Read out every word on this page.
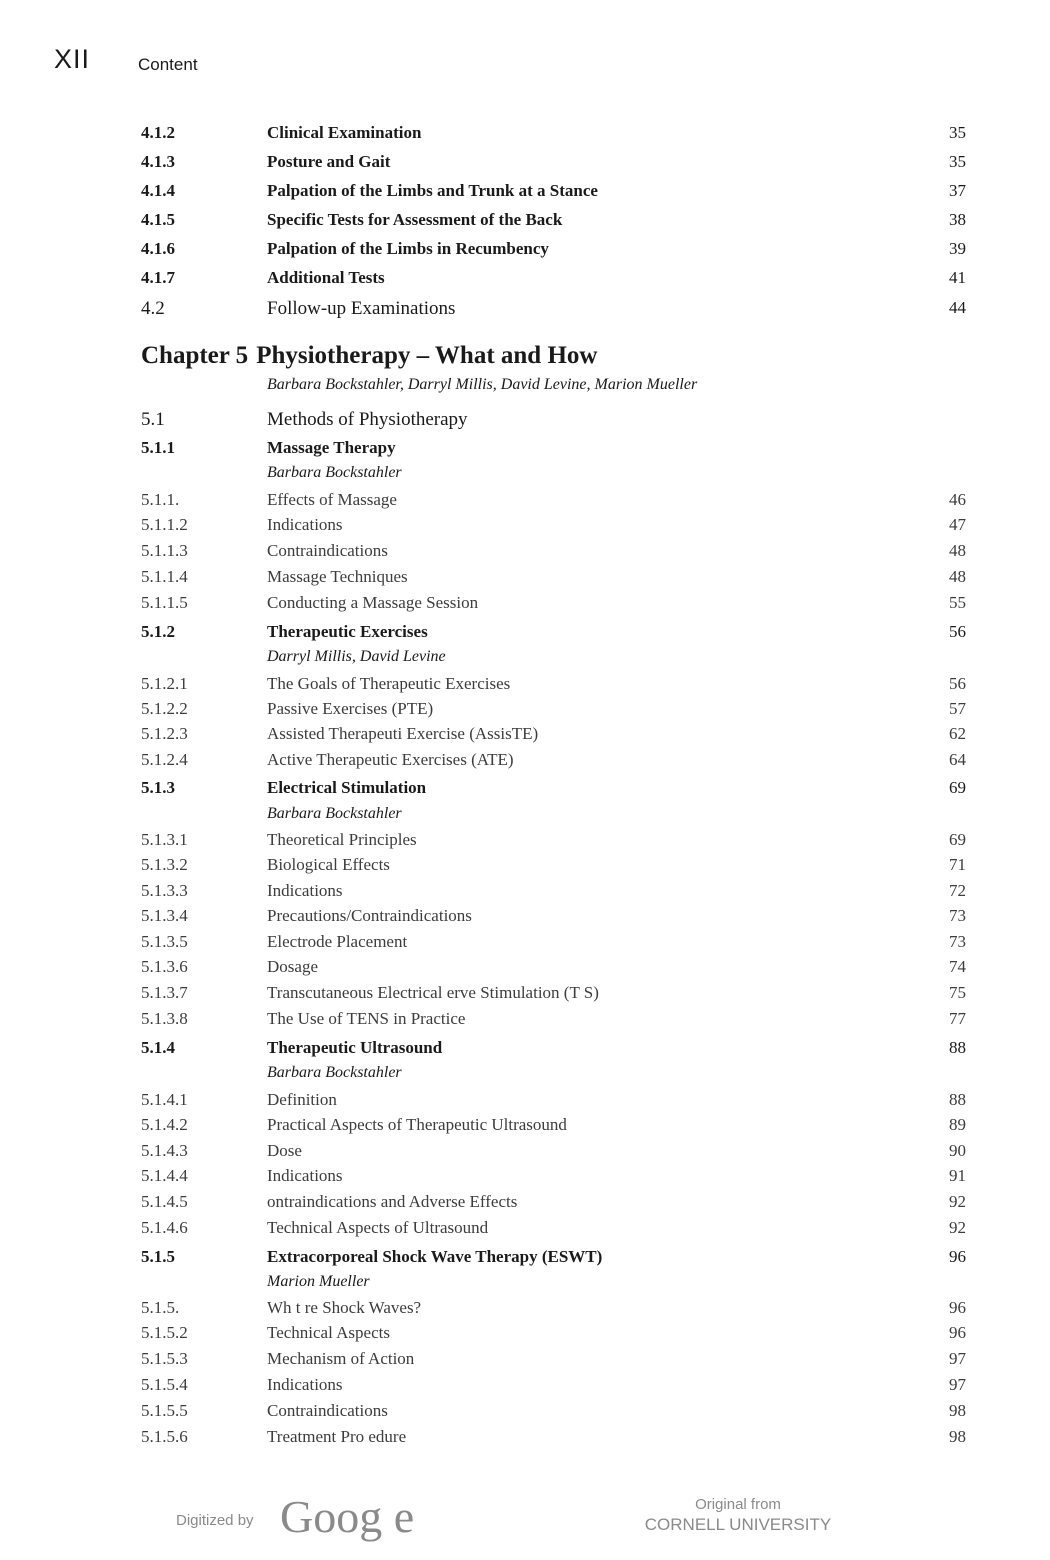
XII	Content
4.1.2	Clinical Examination	35
4.1.3	Posture and Gait	35
4.1.4	Palpation of the Limbs and Trunk at a Stance	37
4.1.5	Specific Tests for Assessment of the Back	38
4.1.6	Palpation of the Limbs in Recumbency	39
4.1.7	Additional Tests	41
4.2	Follow-up Examinations	44
Chapter 5 Physiotherapy – What and How
Barbara Bockstahler, Darryl Millis, David Levine, Marion Mueller
5.1	Methods of Physiotherapy
5.1.1	Massage Therapy
Barbara Bockstahler
5.1.1.	Effects of Massage	46
5.1.1.2	Indications	47
5.1.1.3	Contraindications	48
5.1.1.4	Massage Techniques	48
5.1.1.5	Conducting a Massage Session	55
5.1.2	Therapeutic Exercises	56
Darryl Millis, David Levine
5.1.2.1	The Goals of Therapeutic Exercises	56
5.1.2.2	Passive Exercises (PTE)	57
5.1.2.3	Assisted Therapeuti Exercise (AssisTE)	62
5.1.2.4	Active Therapeutic Exercises (ATE)	64
5.1.3	Electrical Stimulation	69
Barbara Bockstahler
5.1.3.1	Theoretical Principles	69
5.1.3.2	Biological Effects	71
5.1.3.3	Indications	72
5.1.3.4	Precautions/Contraindications	73
5.1.3.5	Electrode Placement	73
5.1.3.6	Dosage	74
5.1.3.7	Transcutaneous Electrical erve Stimulation (T S)	75
5.1.3.8	The Use of TENS in Practice	77
5.1.4	Therapeutic Ultrasound	88
Barbara Bockstahler
5.1.4.1	Definition	88
5.1.4.2	Practical Aspects of Therapeutic Ultrasound	89
5.1.4.3	Dose	90
5.1.4.4	Indications	91
5.1.4.5	ontraindications and Adverse Effects	92
5.1.4.6	Technical Aspects of Ultrasound	92
5.1.5	Extracorporeal Shock Wave Therapy (ESWT)	96
Marion Mueller
5.1.5.	Wh t re Shock Waves?	96
5.1.5.2	Technical Aspects	96
5.1.5.3	Mechanism of Action	97
5.1.5.4	Indications	97
5.1.5.5	Contraindications	98
5.1.5.6	Treatment Pro edure	98
Digitized by Goog e	Original from
CORNELL UNIVERSITY
